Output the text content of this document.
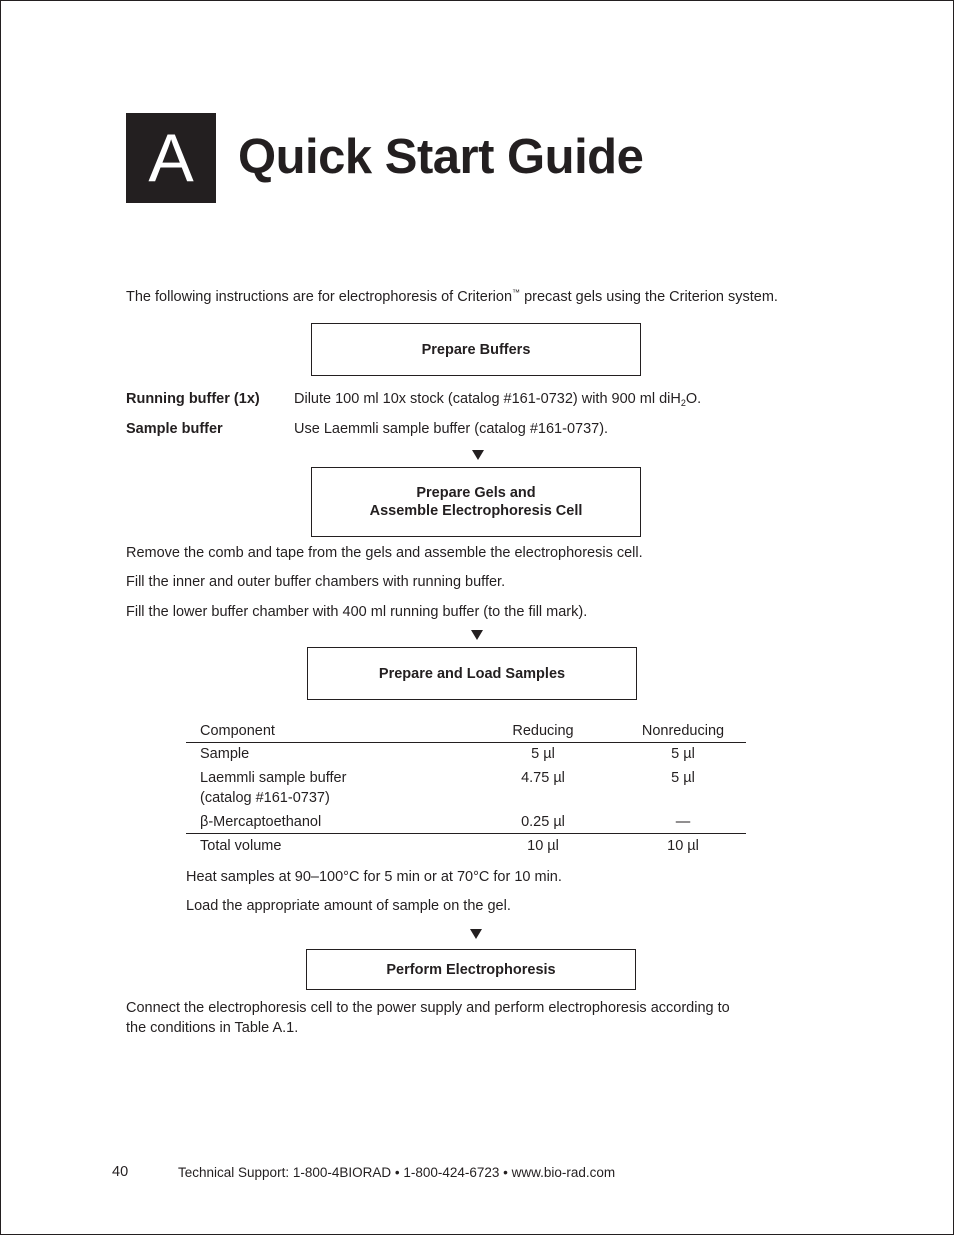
A Quick Start Guide

The following instructions are for electrophoresis of Criterion™ precast gels using the Criterion system.

Prepare Buffers

Running buffer (1x) Dilute 100 ml 10x stock (catalog #161-0732) with 900 ml diH$_2$O.

Sample buffer	Use Laemmli sample buffer (catalog #161-0737).

Prepare Gels and
Assemble Electrophoresis Cell

Remove the comb and tape from the gels and assemble the electrophoresis cell.

Fill the inner and outer buffer chambers with running buffer.

Fill the lower buffer chamber with 400 ml running buffer (to the fill mark).

Prepare and Load Samples
Component	Reducing	Nonreducing
Sample	5 µl	5 µl
Laemmli sample buffer	4.75 µl	5 µl
(catalog #161-0737)
β-Mercaptoethanol	0.25 µl	—
Total volume	10 µl	10 µl

Heat samples at 90–100°C for 5 min or at 70°C for 10 min.

Load the appropriate amount of sample on the gel.

Perform Electrophoresis

Connect the electrophoresis cell to the power supply and perform electrophoresis according to

the conditions in Table A.1.

40	Technical Support: 1-800-4BIORAD • 1-800-424-6723 • www.bio-rad.com
